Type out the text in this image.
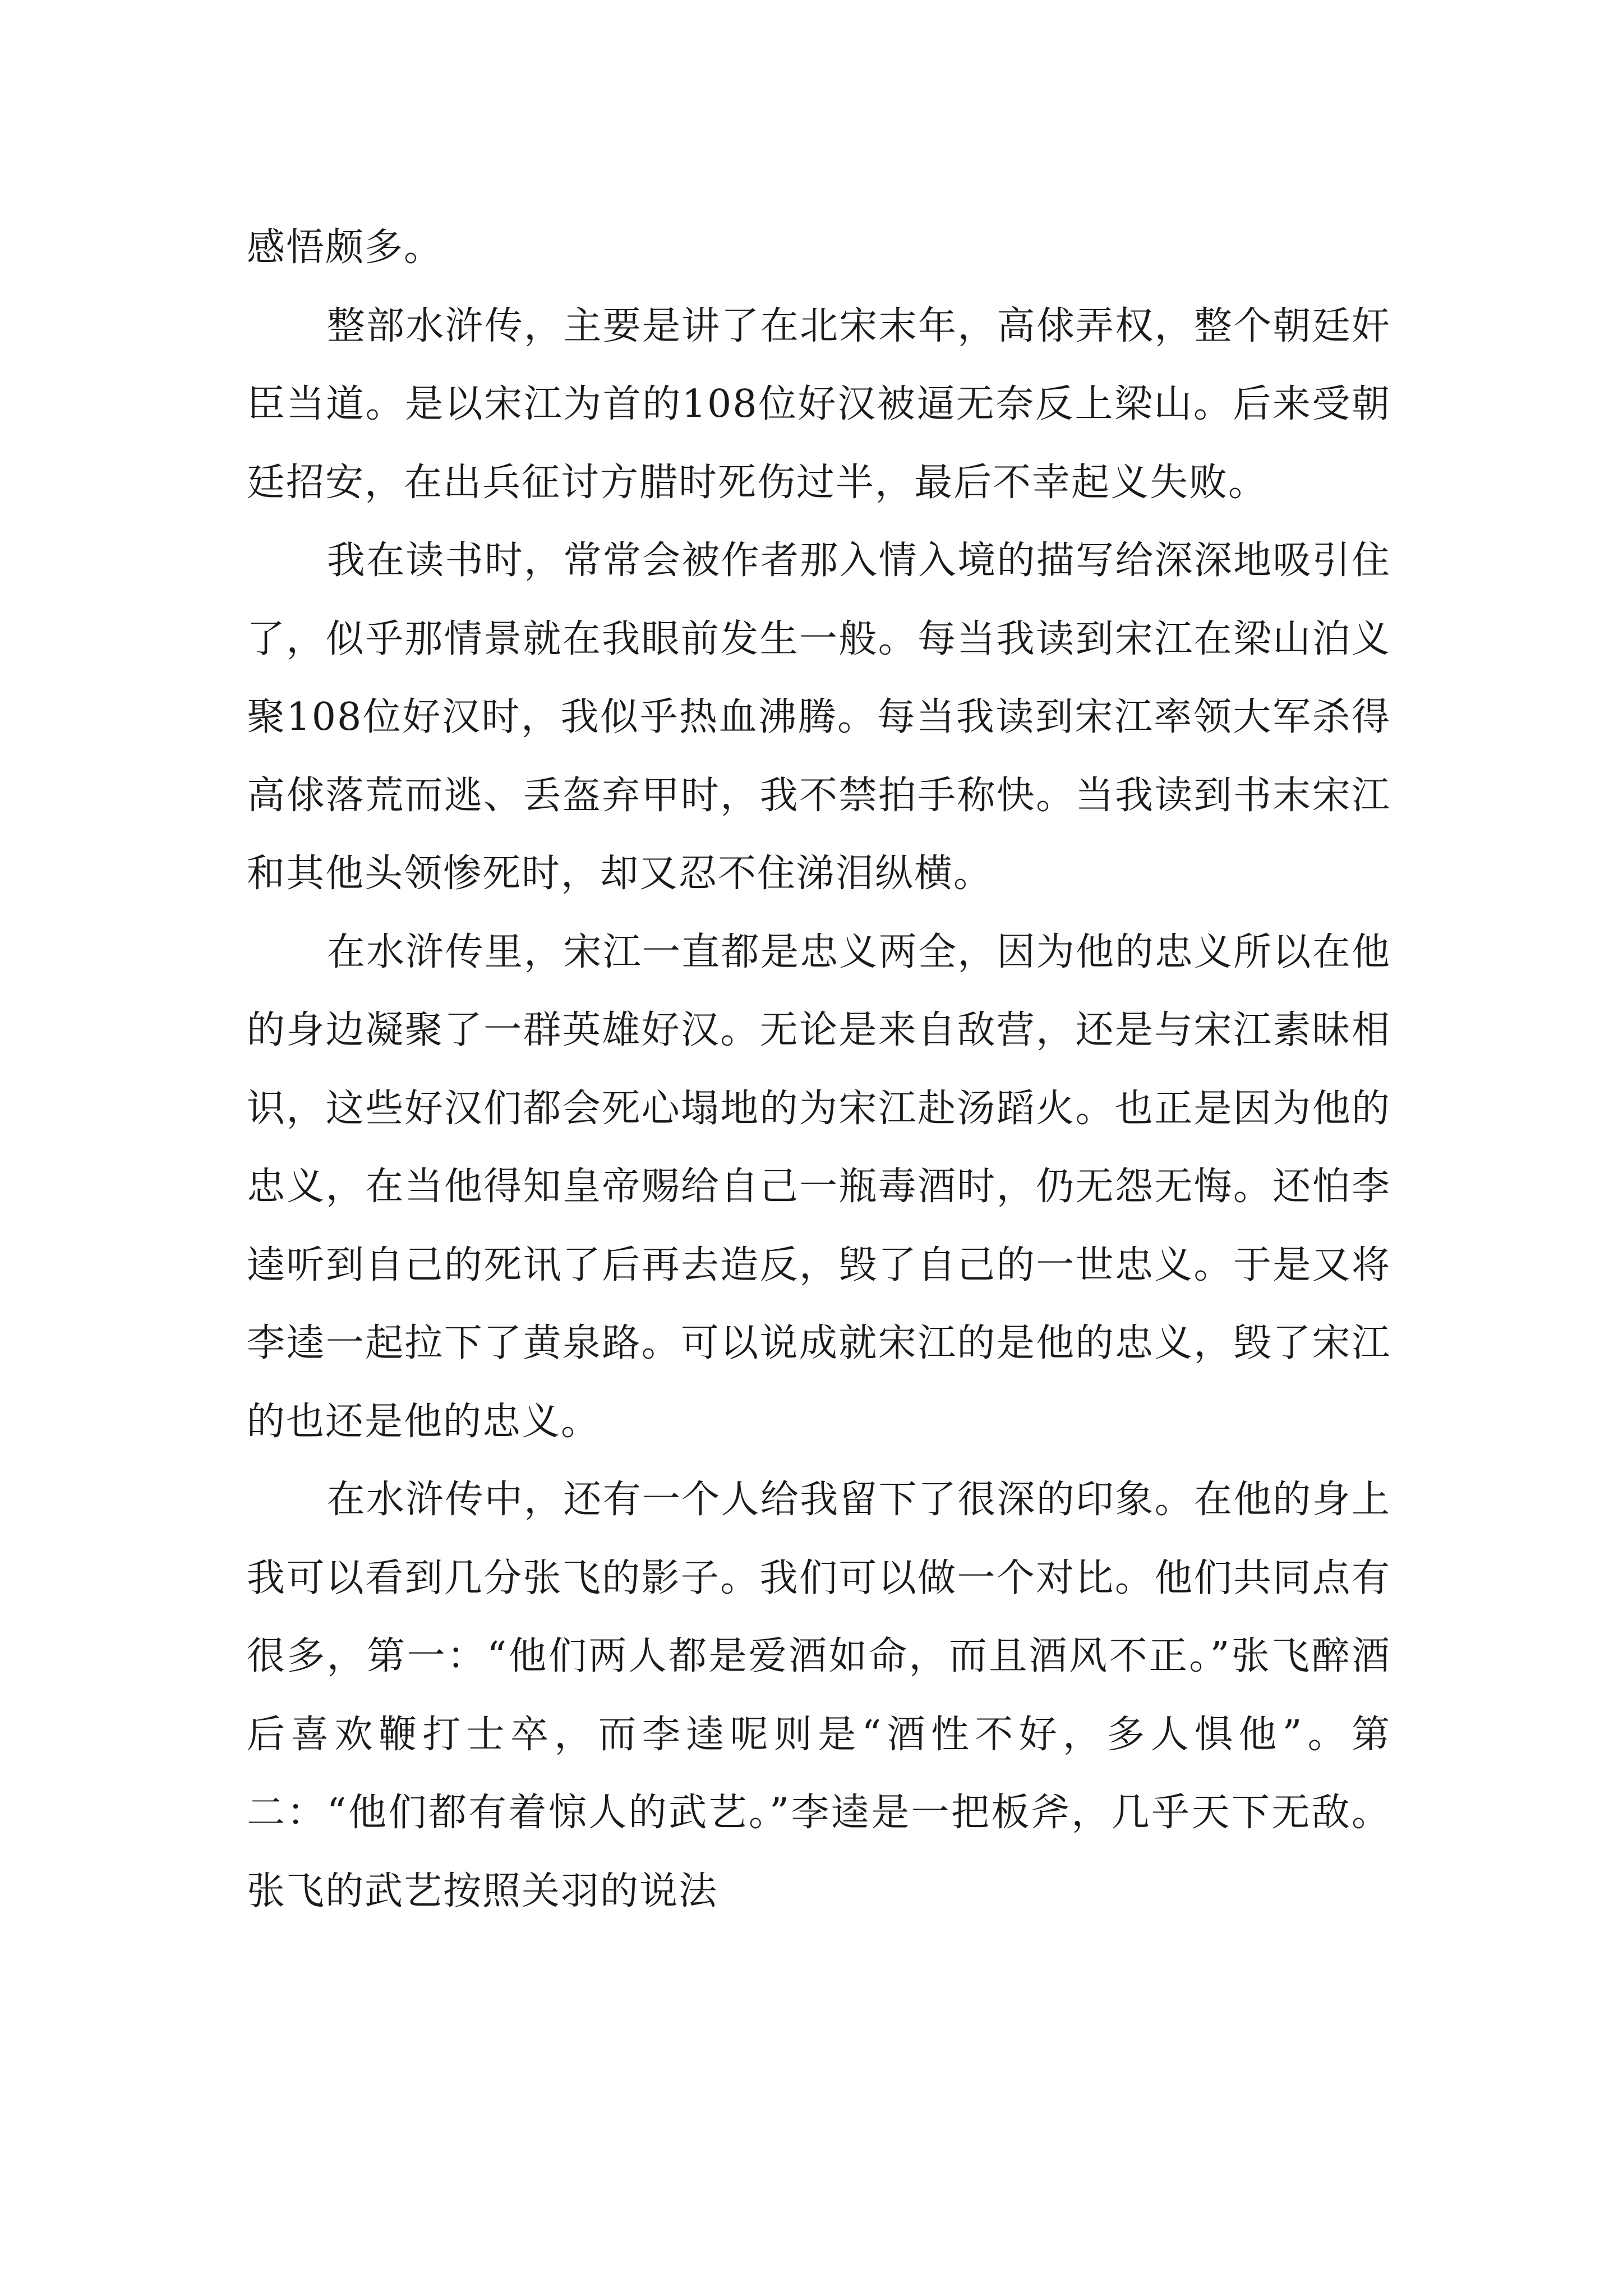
感悟颇多。

整部水浒传，主要是讲了在北宋末年，高俅弄权，整个朝廷奸臣当道。是以宋江为首的108位好汉被逼无奈反上梁山。后来受朝廷招安，在出兵征讨方腊时死伤过半，最后不幸起义失败。

我在读书时，常常会被作者那入情入境的描写给深深地吸引住了，似乎那情景就在我眼前发生一般。每当我读到宋江在梁山泊义聚108位好汉时，我似乎热血沸腾。每当我读到宋江率领大军杀得高俅落荒而逃、丢盔弃甲时，我不禁拍手称快。当我读到书末宋江和其他头领惨死时，却又忍不住涕泪纵横。

在水浒传里，宋江一直都是忠义两全，因为他的忠义所以在他的身边凝聚了一群英雄好汉。无论是来自敌营，还是与宋江素昧相识，这些好汉们都会死心塌地的为宋江赴汤蹈火。也正是因为他的忠义，在当他得知皇帝赐给自己一瓶毒酒时，仍无怨无悔。还怕李逵听到自己的死讯了后再去造反，毁了自己的一世忠义。于是又将李逵一起拉下了黄泉路。可以说成就宋江的是他的忠义，毁了宋江的也还是他的忠义。

在水浒传中，还有一个人给我留下了很深的印象。在他的身上我可以看到几分张飞的影子。我们可以做一个对比。他们共同点有很多，第一：“他们两人都是爱酒如命，而且酒风不正。”张飞醉酒后喜欢鞭打士卒，而李逵呢则是“酒性不好，多人惧他”。第二：“他们都有着惊人的武艺。”李逵是一把板斧，几乎天下无敌。张飞的武艺按照关羽的说法
